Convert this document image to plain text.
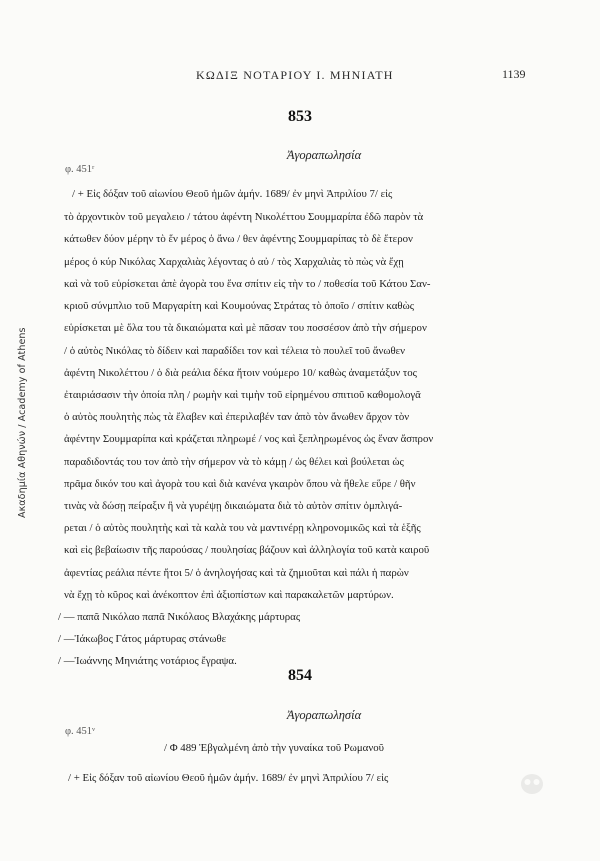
Ακαδημία Αθηνών / Academy of Athens
ΚΩΔΙΞ ΝΟΤΑΡΙΟΥ Ι. ΜΗΝΙΑΤΗ	1139
853
Ἀγοραπωλησία
φ. 451ʳ

/ + Εἰς δόξαν τοῦ αἰωνίου Θεοῦ ἡμῶν ἀμήν. 1689/ ἐν μηνὶ Ἀπριλίου 7/ εἰς

τὸ ἀρχοντικὸν τοῦ μεγαλειο / τάτου ἀφέντη Νικολέττου Σουμμαρίπα ἐδῶ παρὸν τὰ

κάτωθεν δύον μέρην τὸ ἕν μέρος ὁ ἄνω / θεν ἀφέντης Σουμμαρίπας τὸ δὲ ἕτερον

μέρος ὁ κύρ Νικόλας Χαρχαλιὰς λέγοντας ὁ αὐ / τὸς Χαρχαλιὰς τὸ πὼς νὰ ἔχῃ

καὶ νὰ τοῦ εὑρίσκεται ἀπὲ ἀγορὰ του ἕνα σπίτιν εἰς τὴν το / ποθεσία τοῦ Κάτου Σαν-

κριοῦ σύνμπλιο τοῦ Μαργαρίτη καὶ Κουμούνας Στράτας τὸ ὁποῖο / σπίτιν καθὼς

εὑρίσκεται μὲ ὅλα του τὰ δικαιώματα καὶ μὲ πᾶσαν του ποσσέσον ἀπὸ τὴν σήμερον

/ ὁ αὐτὸς Νικόλας τὸ δίδειν καὶ παραδίδει τον καὶ τέλεια τὸ πουλεῖ τοῦ ἄνωθεν

ἀφέντη Νικολέττου / ὁ διὰ ρεάλια δέκα ἤτοιν νούμερο 10/ καθὼς ἀναμετάξυν τος

ἐταιριάσασιν τὴν ὁποία πλη / ρωμὴν καὶ τιμὴν τοῦ εἰρημένου σπιτιοῦ καθομολογᾶ

ὁ αὐτὸς πουλητὴς πὼς τὰ ἔλαβεν καὶ ἐπεριλαβέν ταν ἀπὸ τὸν ἄνωθεν ἄρχον τὸν

ἀφέντην Σουμμαρίπα καὶ κράζεται πληρωμέ / νος καὶ ξεπληρωμένος ὡς ἕναν ἄσπρον

παραδιδοντάς του τον ἀπὸ τὴν σήμερον νὰ τὸ κάμῃ / ὡς θέλει καὶ βούλεται ὡς

πρᾶμα δικόν του καὶ ἀγορὰ του καὶ διὰ κανένα γκαιρὸν ὅπου νὰ ἤθελε εὕρε / θῆν

τινὰς νὰ δώσῃ πείραξιν ἢ νὰ γυρέψῃ δικαιώματα διὰ τὸ αὐτὸν σπίτιν ὀμπλιγά-

ρεται / ὁ αὐτὸς πουλητὴς καὶ τὰ καλὰ του νὰ μαντινέρῃ κληρονομικῶς καὶ τὰ ἑξῆς

καὶ εἰς βεβαίωσιν τῆς παρούσας / πουλησίας βάζουν καὶ ἀλληλογία τοῦ κατὰ καιροῦ

ἀφεντίας ρεάλια πέντε ἤτοι 5/ ὁ ἀνηλογήσας καὶ τὰ ζημιοῦται καὶ πάλι ἡ παρὼν

νὰ ἔχῃ τὸ κῦρος καὶ ἀνέκοπτον ἐπὶ ἀξιοπίστων καὶ παρακαλετῶν μαρτύρων.

/ — παπᾶ Νικόλαο παπᾶ Νικόλαος Βλαχάκης μάρτυρας

/ —Ἰάκωβος Γάτος μάρτυρας στάνωθε

/ —Ἰωάννης Μηνιάτης νοτάριος ἔγραψα.

854
Ἀγοραπωλησία
φ. 451ᵛ
/ Φ 489 Ἐβγαλμένη ἀπὸ τὴν γυναίκα τοῦ Ρωμανοῦ

/ + Εἰς δόξαν τοῦ αἰωνίου Θεοῦ ἡμῶν ἀμήν. 1689/ ἐν μηνὶ Ἀπριλίου 7/ εἰς
